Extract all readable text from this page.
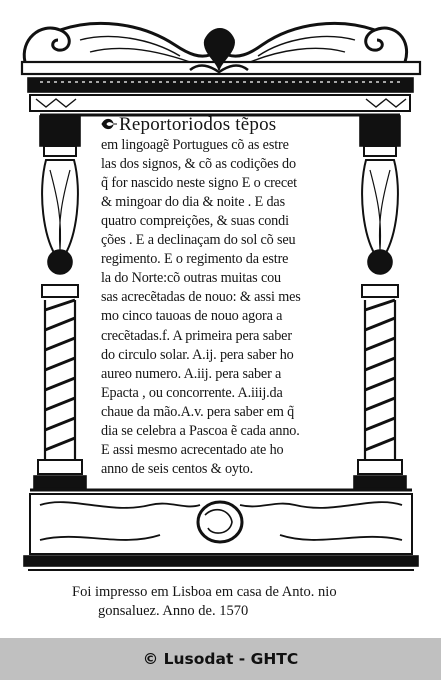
Reportoriodos tẽpos
em lingoagẽ Portugues cõ as estre
las dos signos, & cõ as codições do
q̃ for nascido neste signo E o crecet
& mingoar do dia & noite . E das
quatro compreições, & suas condi
ções . E a declinaçam do sol cõ seu
regimento. E o regimento da estre
la do Norte:cõ outras muitas cou
sas acrecẽtadas de nouo: & assi mes
mo cinco tauoas de nouo agora a
crecẽtadas.f. A primeira pera saber
do circulo solar. A.ij. pera saber ho
aureo numero. A.iij. pera saber a
Epacta , ou concorrente. A.iiij.da
chaue da mão.A.v. pera saber em q̃
dia se celebra a Pascoa ẽ cada anno.
E assi mesmo acrecentado ate ho
anno de seis centos & oyto.
Foi impresso em Lisboa em casa de Anto. nio
gonsaluez. Anno de. 1570
© Lusodat - GHTC
